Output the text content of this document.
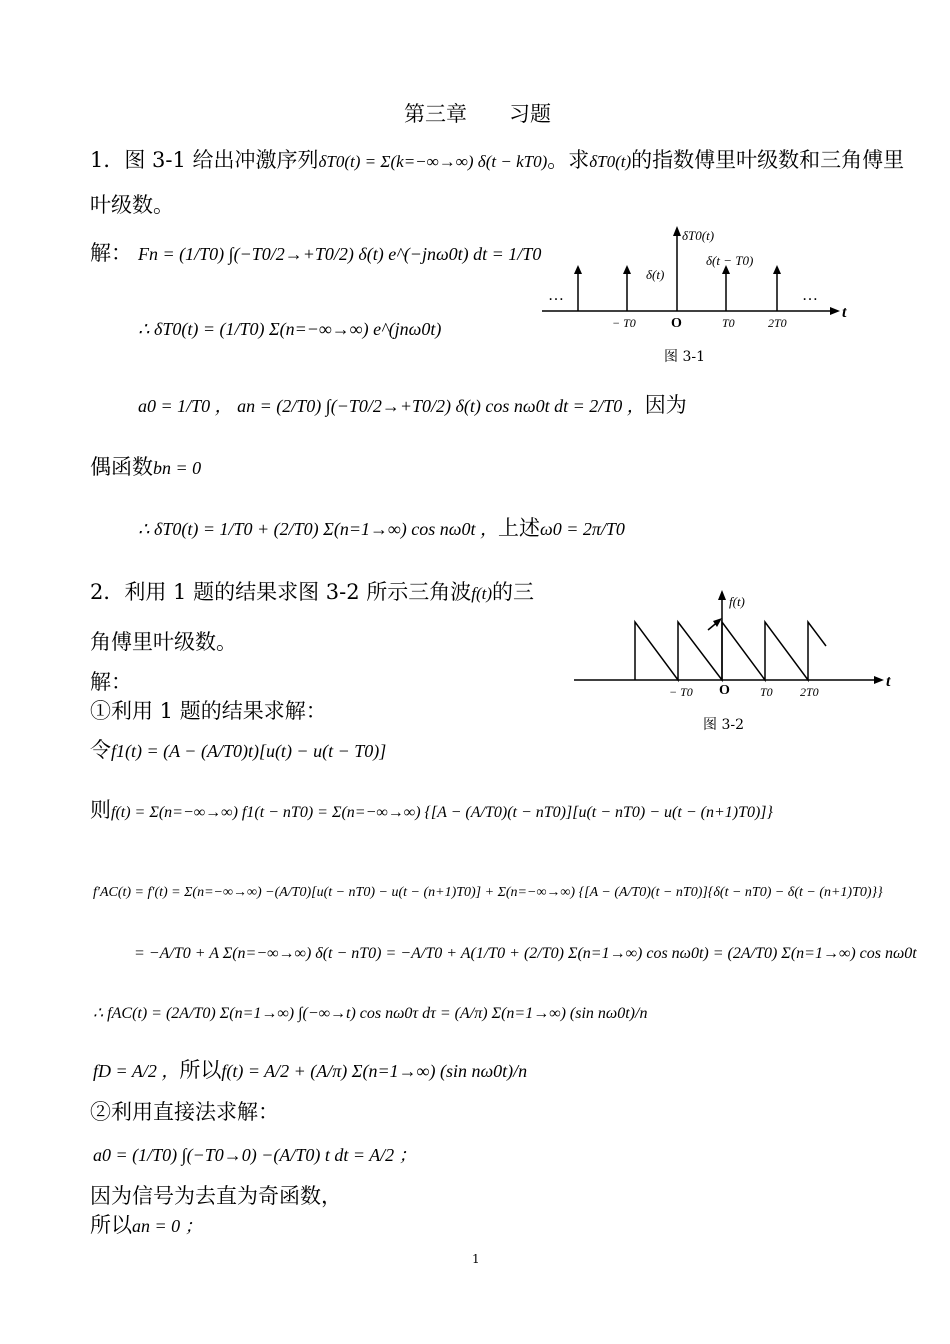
第三章　　习题
1．图 3-1 给出冲激序列δT0(t) = Σ(k=−∞→∞) δ(t − kT0)。求δT0(t)的指数傅里叶级数和三角傅里
叶级数。
解： Fn = (1/T0) ∫(−T0/2→+T0/2) δ(t) e^(−jnω0t) dt = 1/T0
∴ δT0(t) = (1/T0) Σ(n=−∞→∞) e^(jnω0t)
a0 = 1/T0 ， an = (2/T0) ∫(−T0/2→+T0/2) δ(t) cos nω0t dt = 2/T0 ，因为
偶函数bn = 0
∴ δT0(t) = 1/T0 + (2/T0) Σ(n=1→∞) cos nω0t ，上述ω0 = 2π/T0
δT0(t)
δ(t − T0)
δ(t)
…	…
− T0	O	T0	2T0
t
图 3-1
2．利用 1 题的结果求图 3-2 所示三角波f(t)的三
角傅里叶级数。
解：
①利用 1 题的结果求解：
令f1(t) = (A − (A/T0)t)[u(t) − u(t − T0)]
则f(t) = Σ(n=−∞→∞) f1(t − nT0) = Σ(n=−∞→∞) {[A − (A/T0)(t − nT0)][u(t − nT0) − u(t − (n+1)T0)]}
f′AC(t) = f′(t) = Σ(n=−∞→∞) −(A/T0)[u(t − nT0) − u(t − (n+1)T0)] + Σ(n=−∞→∞) {[A − (A/T0)(t − nT0)]{δ(t − nT0) − δ(t − (n+1)T0)}}
= −A/T0 + A Σ(n=−∞→∞) δ(t − nT0) = −A/T0 + A(1/T0 + (2/T0) Σ(n=1→∞) cos nω0t) = (2A/T0) Σ(n=1→∞) cos nω0t
∴ fAC(t) = (2A/T0) Σ(n=1→∞) ∫(−∞→t) cos nω0τ dτ = (A/π) Σ(n=1→∞) (sin nω0t)/n
fD = A/2 ，所以f(t) = A/2 + (A/π) Σ(n=1→∞) (sin nω0t)/n
②利用直接法求解：
a0 = (1/T0) ∫(−T0→0) −(A/T0) t dt = A/2 ；
因为信号为去直为奇函数，
所以an = 0 ；
f(t)
− T0 O	T0 2T0
t
图 3-2
1
